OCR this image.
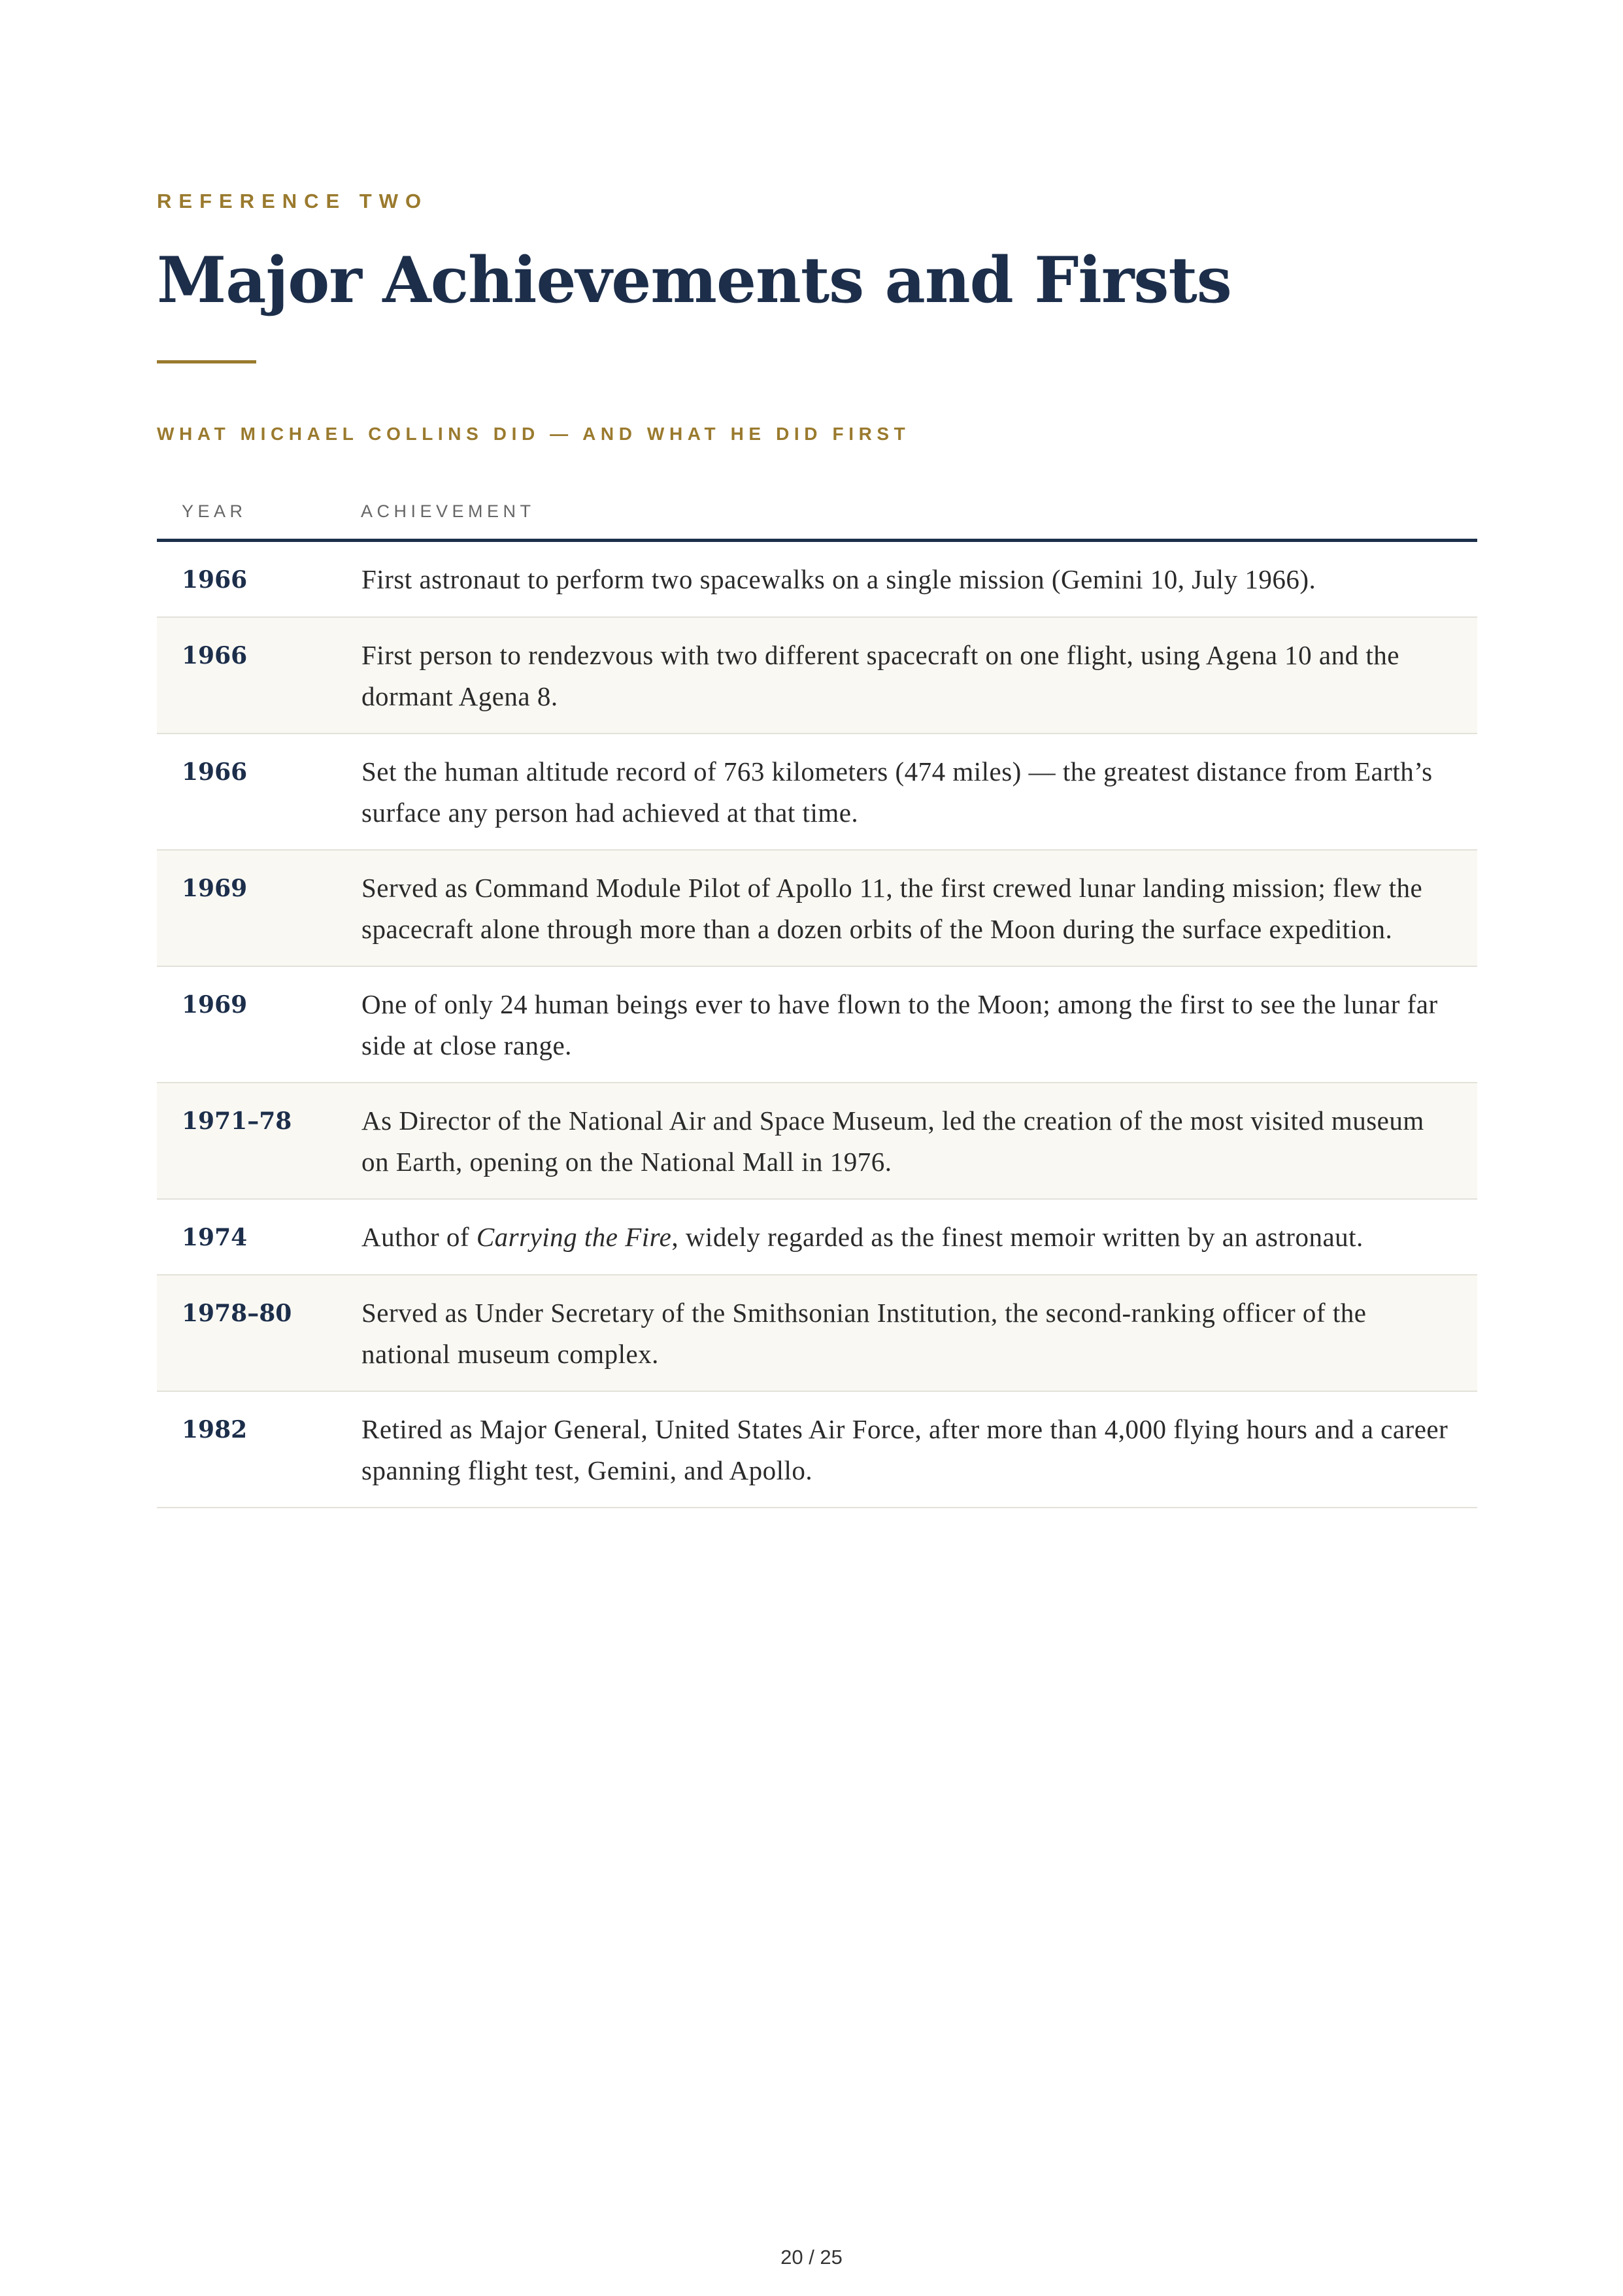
REFERENCE TWO
Major Achievements and Firsts
WHAT MICHAEL COLLINS DID — AND WHAT HE DID FIRST
YEAR	ACHIEVEMENT
1966	First astronaut to perform two spacewalks on a single mission (Gemini 10, July 1966).
1966	First person to rendezvous with two different spacecraft on one flight, using Agena 10 and the dormant Agena 8.
1966	Set the human altitude record of 763 kilometers (474 miles) — the greatest distance from Earth’s surface any person had achieved at that time.
1969	Served as Command Module Pilot of Apollo 11, the first crewed lunar landing mission; flew the spacecraft alone through more than a dozen orbits of the Moon during the surface expedition.
1969	One of only 24 human beings ever to have flown to the Moon; among the first to see the lunar far side at close range.
1971–78	As Director of the National Air and Space Museum, led the creation of the most visited museum on Earth, opening on the National Mall in 1976.
1974	Author of Carrying the Fire, widely regarded as the finest memoir written by an astronaut.
1978–80	Served as Under Secretary of the Smithsonian Institution, the second-ranking officer of the national museum complex.
1982	Retired as Major General, United States Air Force, after more than 4,000 flying hours and a career spanning flight test, Gemini, and Apollo.
20 / 25
